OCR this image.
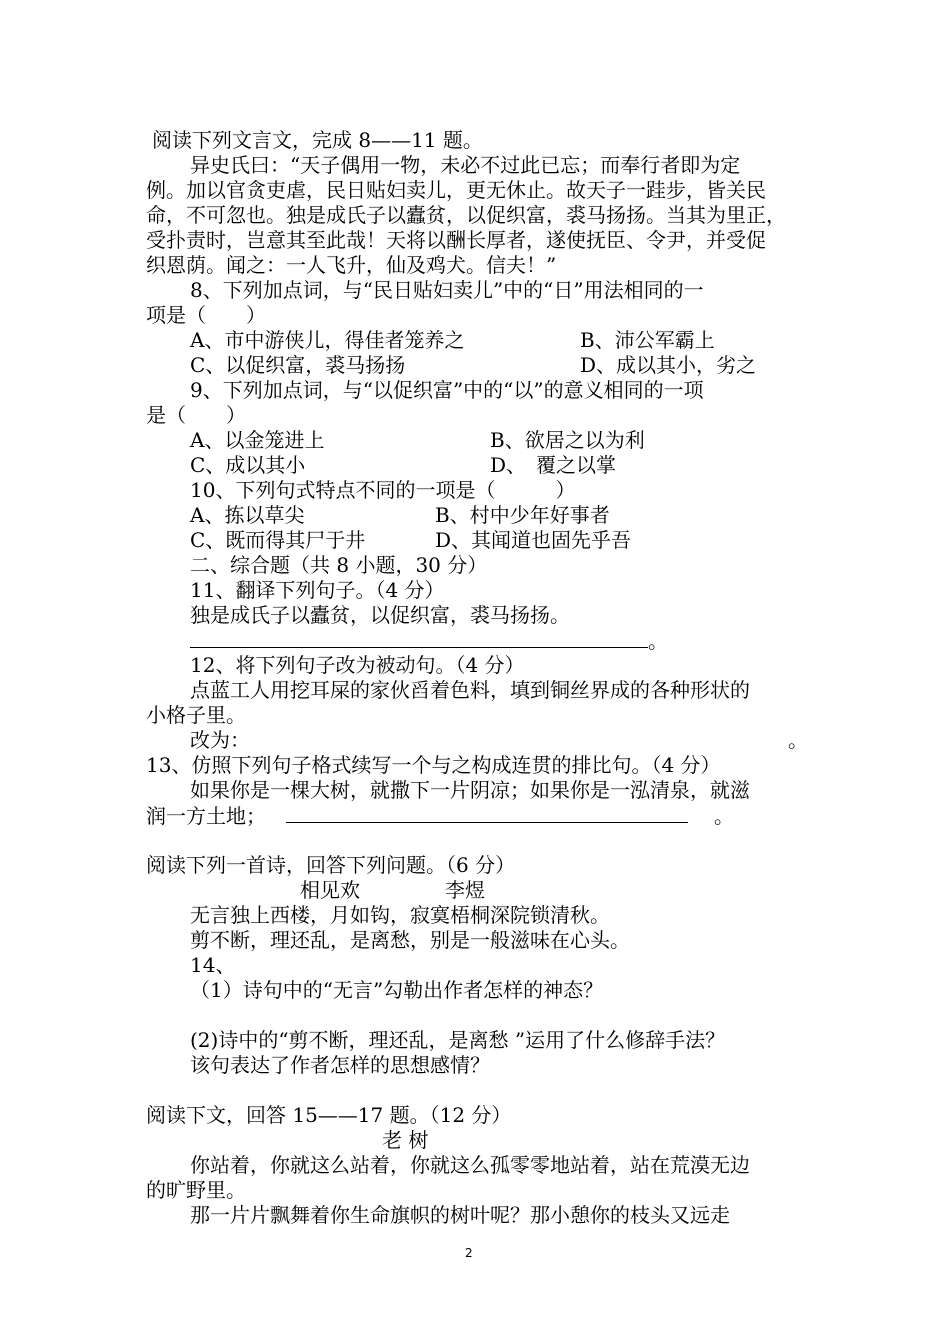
阅读下列文言文，完成 8——11 题。
异史氏曰：“天子偶用一物，未必不过此已忘；而奉行者即为定
例。加以官贪吏虐，民日贴妇卖儿，更无休止。故天子一跬步，皆关民
命，不可忽也。独是成氏子以蠹贫，以促织富，裘马扬扬。当其为里正，
受扑责时，岂意其至此哉！天将以酬长厚者，遂使抚臣、令尹，并受促
织恩荫。闻之：一人飞升，仙及鸡犬。信夫！”
8、下列加点词，与“民日贴妇卖儿”中的“日”用法相同的一
项是（　　）
A、市中游侠儿，得佳者笼养之	B、沛公军霸上
C、以促织富，裘马扬扬	D、成以其小，劣之
9、下列加点词，与“以促织富”中的“以”的意义相同的一项
是（　　）
A、以金笼进上	B、欲居之以为利
C、成以其小	D、　覆之以掌
10、下列句式特点不同的一项是（　　　）
A、拣以草尖	B、村中少年好事者
C、既而得其尸于井	D、其闻道也固先乎吾
二、综合题（共 8 小题，30 分）
11、翻译下列句子。（4 分）
独是成氏子以蠹贫，以促织富，裘马扬扬。
。
12、将下列句子改为被动句。（4 分）
点蓝工人用挖耳屎的家伙舀着色料，填到铜丝界成的各种形状的
小格子里。
改为：	。
13、仿照下列句子格式续写一个与之构成连贯的排比句。（4 分）
如果你是一棵大树，就撒下一片阴凉；如果你是一泓清泉，就滋
润一方土地；	。
阅读下列一首诗，回答下列问题。（6 分）
相见欢	李煜
无言独上西楼，月如钩，寂寞梧桐深院锁清秋。
剪不断，理还乱，是离愁，别是一般滋味在心头。
14、
（1）诗句中的“无言”勾勒出作者怎样的神态？
(2)诗中的“剪不断，理还乱，是离愁 ”运用了什么修辞手法？
该句表达了作者怎样的思想感情？
阅读下文，回答 15——17 题。（12 分）
老 树
你站着，你就这么站着，你就这么孤零零地站着，站在荒漠无边
的旷野里。
那一片片飘舞着你生命旗帜的树叶呢？那小憩你的枝头又远走
2
